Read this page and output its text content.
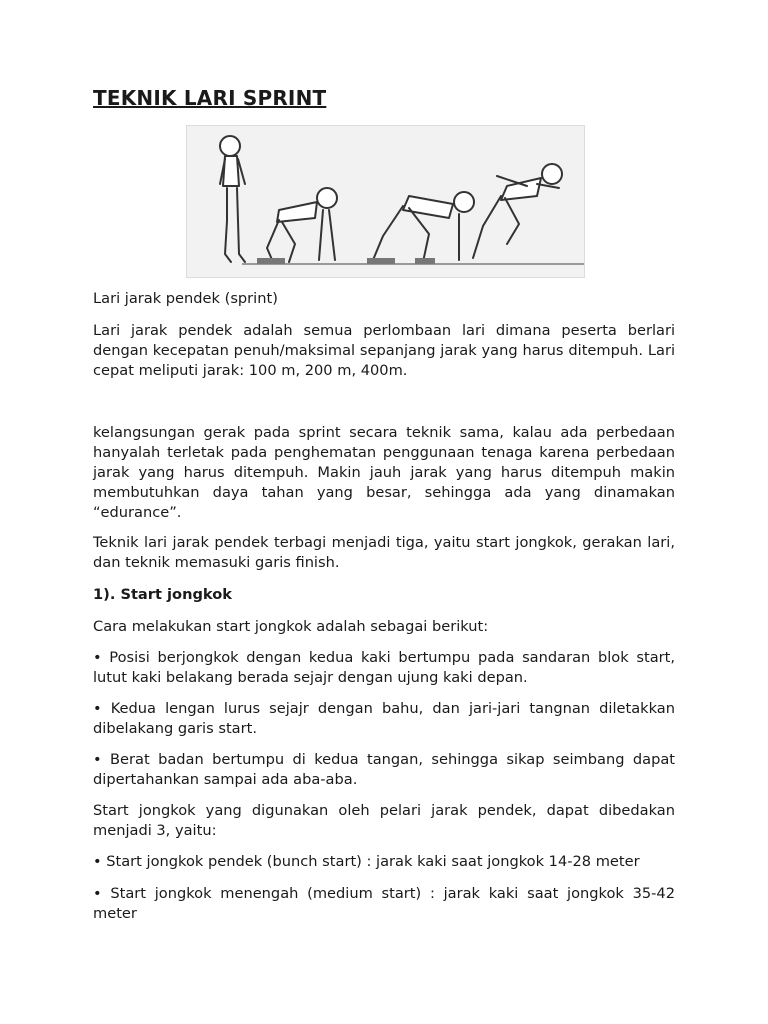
TEKNIK LARI SPRINT

Lari jarak pendek (sprint)

Lari jarak pendek adalah semua perlombaan lari dimana peserta berlari dengan kecepatan penuh/maksimal sepanjang jarak yang harus ditempuh. Lari cepat meliputi jarak: 100 m, 200 m, 400m.

kelangsungan gerak pada sprint secara teknik sama, kalau ada perbedaan hanyalah terletak pada penghematan penggunaan tenaga karena perbedaan jarak yang harus ditempuh. Makin jauh jarak yang harus ditempuh makin membutuhkan daya tahan yang besar, sehingga ada yang dinamakan “edurance”.

Teknik lari jarak pendek terbagi menjadi tiga, yaitu start jongkok, gerakan lari, dan teknik memasuki garis finish.

1). Start jongkok

Cara melakukan start jongkok adalah sebagai berikut:

• Posisi berjongkok dengan kedua kaki bertumpu pada sandaran blok start, lutut kaki belakang berada sejajr dengan ujung kaki depan.

• Kedua lengan lurus sejajr dengan bahu, dan jari-jari tangnan diletakkan dibelakang garis start.

• Berat badan bertumpu di kedua tangan, sehingga sikap seimbang dapat dipertahankan sampai ada aba-aba.

Start jongkok yang digunakan oleh pelari jarak pendek, dapat dibedakan menjadi 3, yaitu:

• Start jongkok pendek (bunch start) : jarak kaki saat jongkok 14-28 meter

• Start jongkok menengah (medium start) : jarak kaki saat jongkok 35-42 meter
